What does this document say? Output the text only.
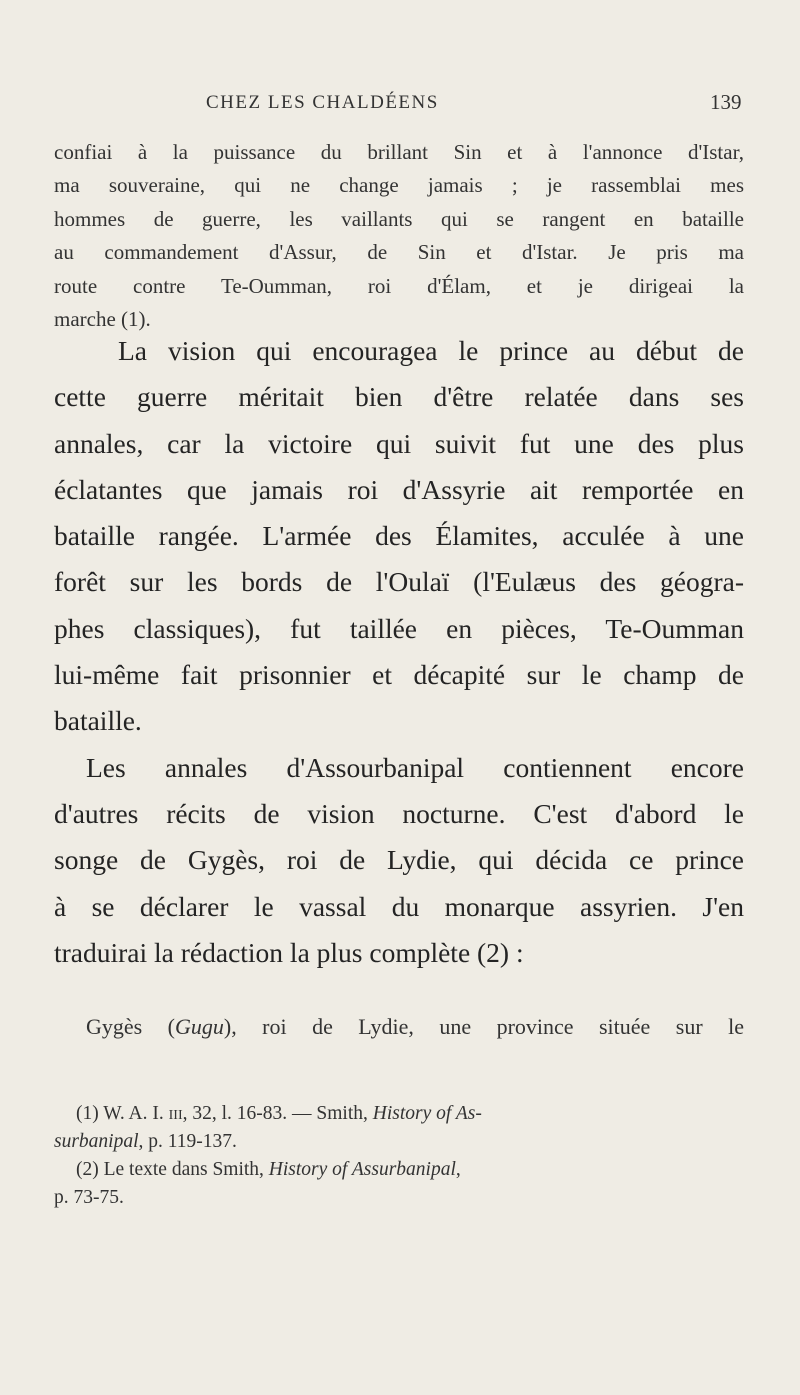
CHEZ LES CHALDÉENS	139
confiai à la puissance du brillant Sin et à l'annonce d'Istar,
ma souveraine, qui ne change jamais ; je rassemblai mes
hommes de guerre, les vaillants qui se rangent en bataille
au commandement d'Assur, de Sin et d'Istar. Je pris ma
route contre Te-Oumman, roi d'Élam, et je dirigeai la
marche (1).
La vision qui encouragea le prince au début de
cette guerre méritait bien d'être relatée dans ses
annales, car la victoire qui suivit fut une des plus
éclatantes que jamais roi d'Assyrie ait remportée en
bataille rangée. L'armée des Élamites, acculée à une
forêt sur les bords de l'Oulaï (l'Eulæus des géogra-
phes classiques), fut taillée en pièces, Te-Oumman
lui-même fait prisonnier et décapité sur le champ de
bataille.
Les annales d'Assourbanipal contiennent encore
d'autres récits de vision nocturne. C'est d'abord le
songe de Gygès, roi de Lydie, qui décida ce prince
à se déclarer le vassal du monarque assyrien. J'en
traduirai la rédaction la plus complète (2) :
Gygès (Gugu), roi de Lydie, une province située sur le
(1) W. A. I. iii, 32, l. 16-83. — Smith, History of As-
surbanipal, p. 119-137.
(2) Le texte dans Smith, History of Assurbanipal,
p. 73-75.
